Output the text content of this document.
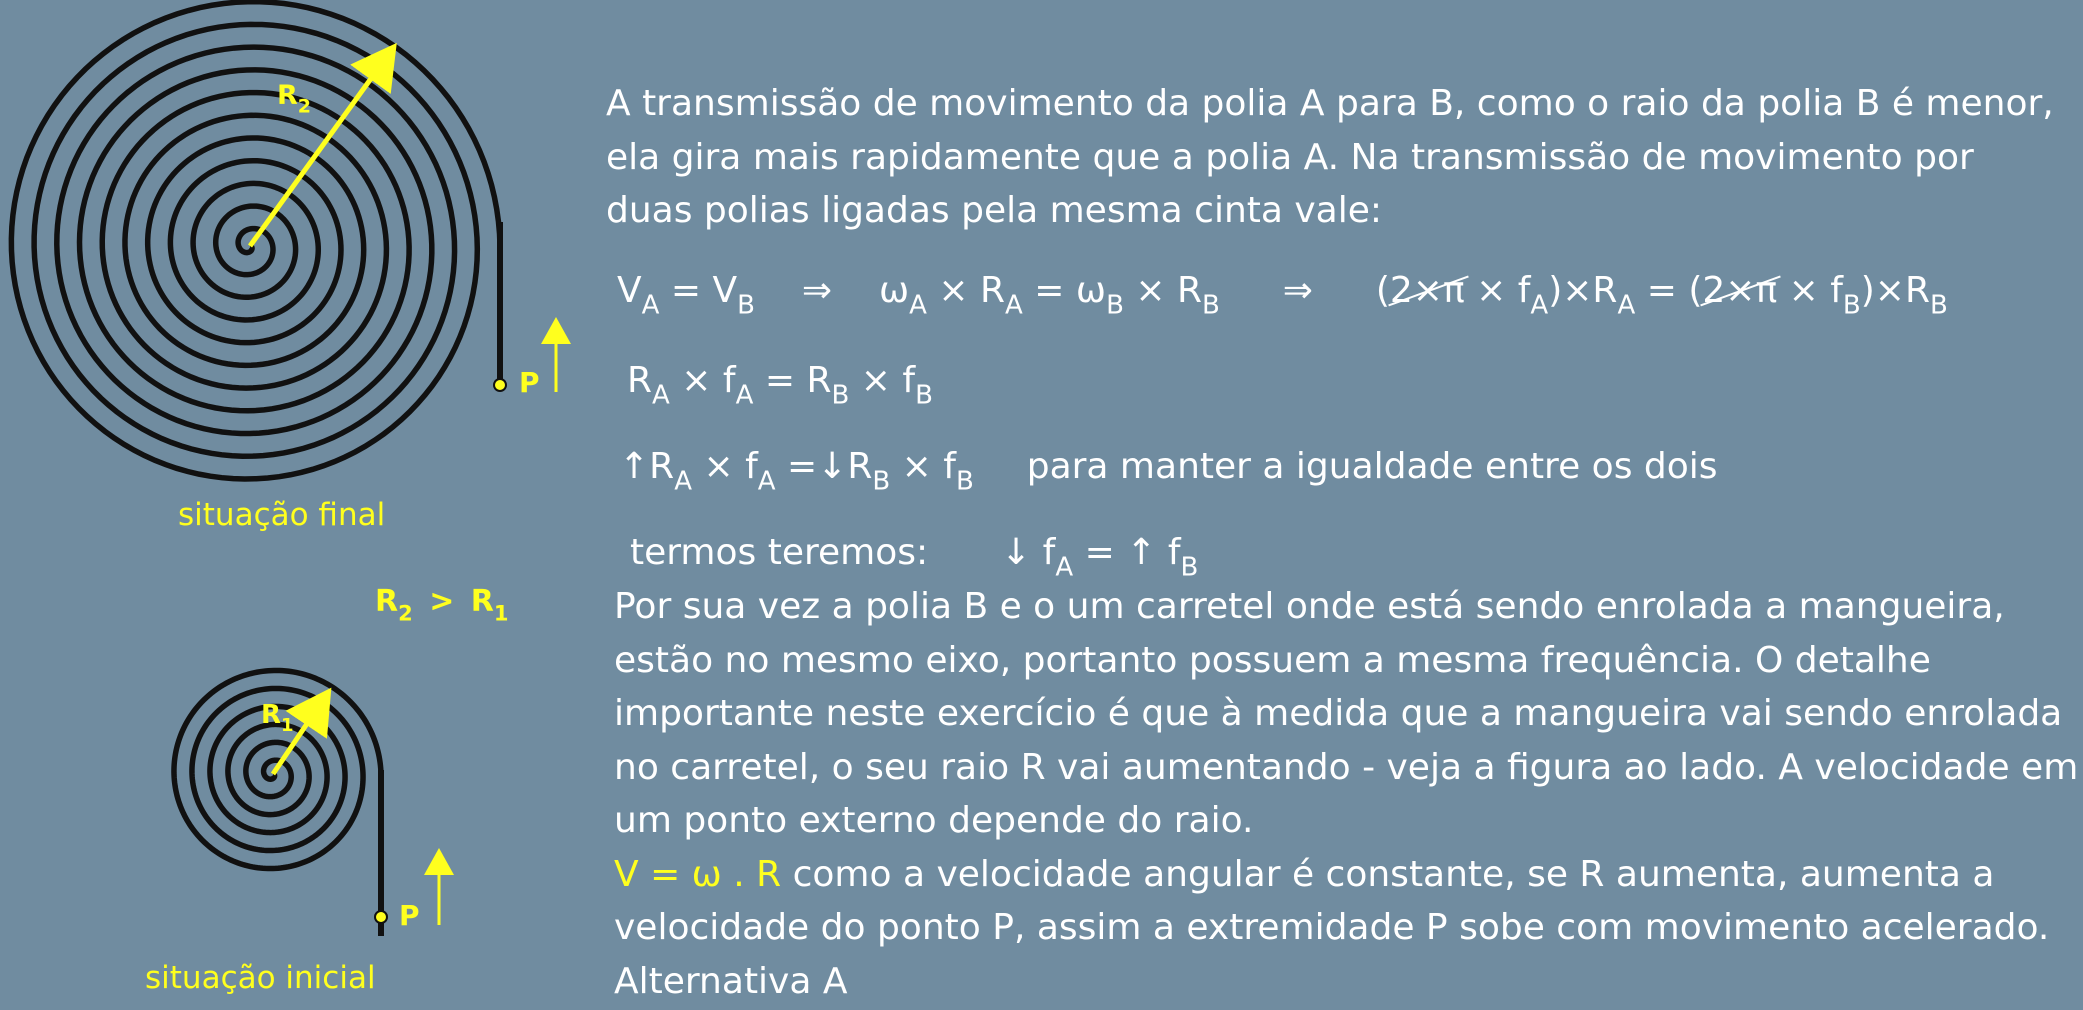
$R_2$
P
situação final
$R_2 > R_1$
$R_1$
P
situação inicial
A transmissão de movimento da polia A para B, como o raio da polia B é menor,
ela gira mais rapidamente que a polia A. Na transmissão de movimento por
duas polias ligadas pela mesma cinta vale:
$V_A = V_B$ ⇒ $\omega_A \times R_A = \omega_B \times R_B$ ⇒ $(2\times\pi \times f_A)\times R_A = (2\times\pi \times f_B)\times R_B$
$R_A \times f_A = R_B \times f_B$
$↑R_A \times f_A$ $=↓R_B \times f_B$ para manter a igualdade entre os dois
termos teremos: ↓ $f_A$ = ↑ $f_B$
Por sua vez a polia B e o um carretel onde está sendo enrolada a mangueira,
estão no mesmo eixo, portanto possuem a mesma frequência. O detalhe
importante neste exercício é que à medida que a mangueira vai sendo enrolada
no carretel, o seu raio R vai aumentando - veja a figura ao lado. A velocidade em
um ponto externo depende do raio.
V = ω . R como a velocidade angular é constante, se R aumenta, aumenta a
velocidade do ponto P, assim a extremidade P sobe com movimento acelerado.
Alternativa A
